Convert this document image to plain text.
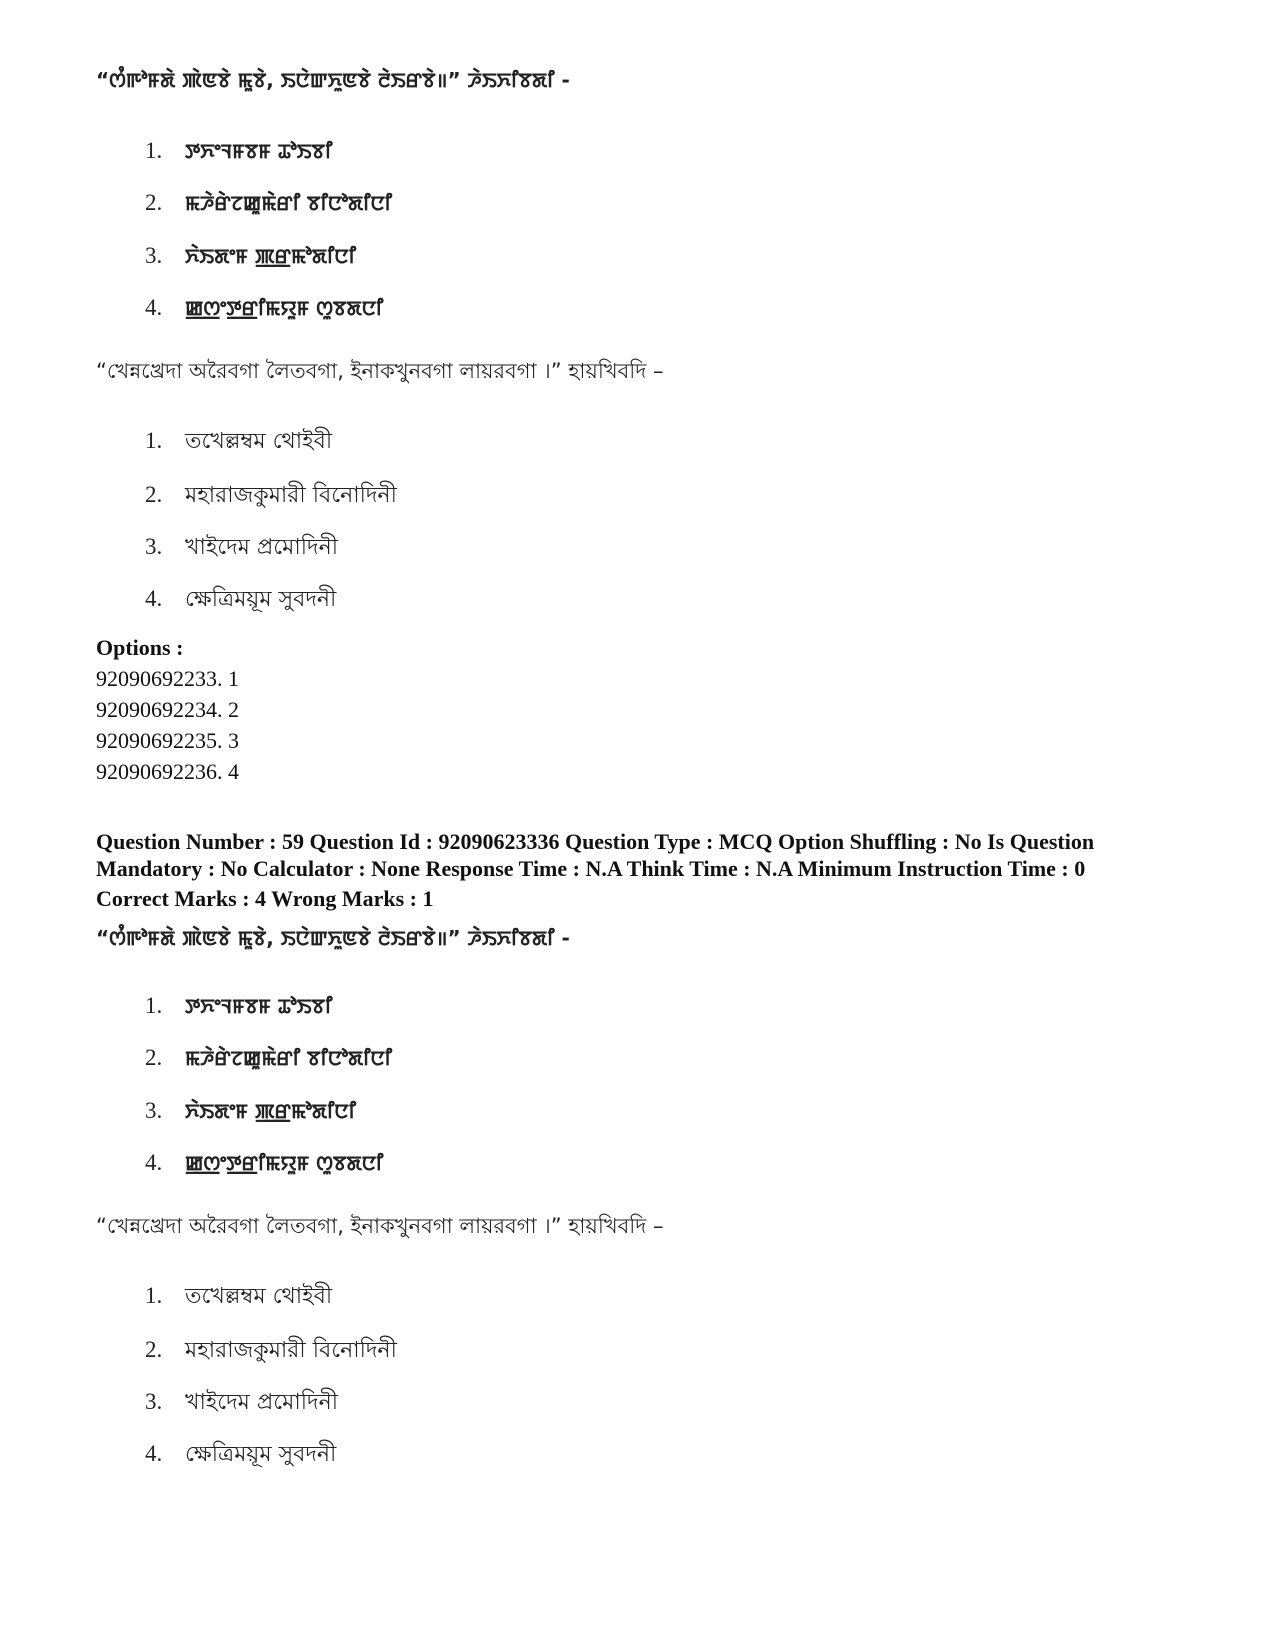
“ꯁꯪꯒꯣꯝꯗꯥ ꯄꯥꯟꯕꯥ ꯃꯨꯕꯥ, ꯏꯅꯥꯛꯈꯨꯟꯕꯥ ꯂꯥꯏꯔꯕꯥ॥” ꯍꯥꯏꯈꯤꯕꯗꯤ -
1. ꯇꯈꯦꯜꯝꯕꯝ ꯊꯣꯏꯕꯤ
2. ꯃꯍꯥꯔꯥꯖꯀꯨꯃꯥꯔꯤ ꯕꯤꯅꯣꯗꯤꯅꯤ
3. ꯈꯥꯏꯗꯦꯝ ꯄ꯭ꯔꯃꯣꯗꯤꯅꯤ
4. ꯀ꯭ꯁꯦꯇ꯭ꯔꯤꯃꯌꯨꯝ ꯁꯨꯕꯗꯅꯤ
“খেন্নখ্রেদা অরৈবগা লৈতবগা, ইনাকখুনবগা লায়রবগা ।” হায়খিবদি –
1. তখেল্লম্বম থোইবী
2. মহারাজকুমারী বিনোদিনী
3. খাইদেম প্রমোদিনী
4. ক্ষেত্রিময়ূম সুবদনী
Options :
92090692233. 1
92090692234. 2
92090692235. 3
92090692236. 4
Question Number : 59 Question Id : 92090623336 Question Type : MCQ Option Shuffling : No Is Question
Mandatory : No Calculator : None Response Time : N.A Think Time : N.A Minimum Instruction Time : 0
Correct Marks : 4 Wrong Marks : 1
“ꯁꯪꯒꯣꯝꯗꯥ ꯄꯥꯟꯕꯥ ꯃꯨꯕꯥ, ꯏꯅꯥꯛꯈꯨꯟꯕꯥ ꯂꯥꯏꯔꯕꯥ॥” ꯍꯥꯏꯈꯤꯕꯗꯤ -
1. ꯇꯈꯦꯜꯝꯕꯝ ꯊꯣꯏꯕꯤ
2. ꯃꯍꯥꯔꯥꯖꯀꯨꯃꯥꯔꯤ ꯕꯤꯅꯣꯗꯤꯅꯤ
3. ꯈꯥꯏꯗꯦꯝ ꯄ꯭ꯔꯃꯣꯗꯤꯅꯤ
4. ꯀ꯭ꯁꯦꯇ꯭ꯔꯤꯃꯌꯨꯝ ꯁꯨꯕꯗꯅꯤ
“খেন্নখ্রেদা অরৈবগা লৈতবগা, ইনাকখুনবগা লায়রবগা ।” হায়খিবদি –
1. তখেল্লম্বম থোইবী
2. মহারাজকুমারী বিনোদিনী
3. খাইদেম প্রমোদিনী
4. ক্ষেত্রিময়ূম সুবদনী
